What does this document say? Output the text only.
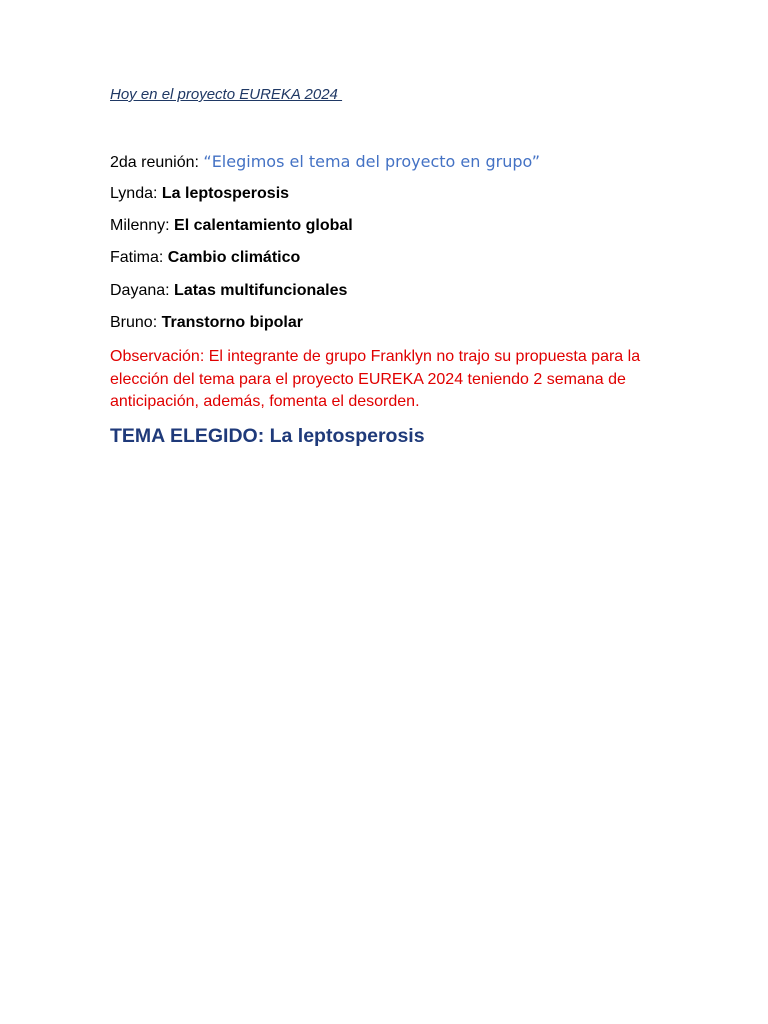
Hoy en el proyecto EUREKA 2024
2da reunión: “Elegimos el tema del proyecto en grupo”
Lynda: La leptosperosis
Milenny: El calentamiento global
Fatima: Cambio climático
Dayana: Latas multifuncionales
Bruno: Transtorno bipolar
Observación: El integrante de grupo Franklyn no trajo su propuesta para la elección del tema para el proyecto EUREKA 2024 teniendo 2 semana de anticipación, además, fomenta el desorden.
TEMA ELEGIDO: La leptosperosis
